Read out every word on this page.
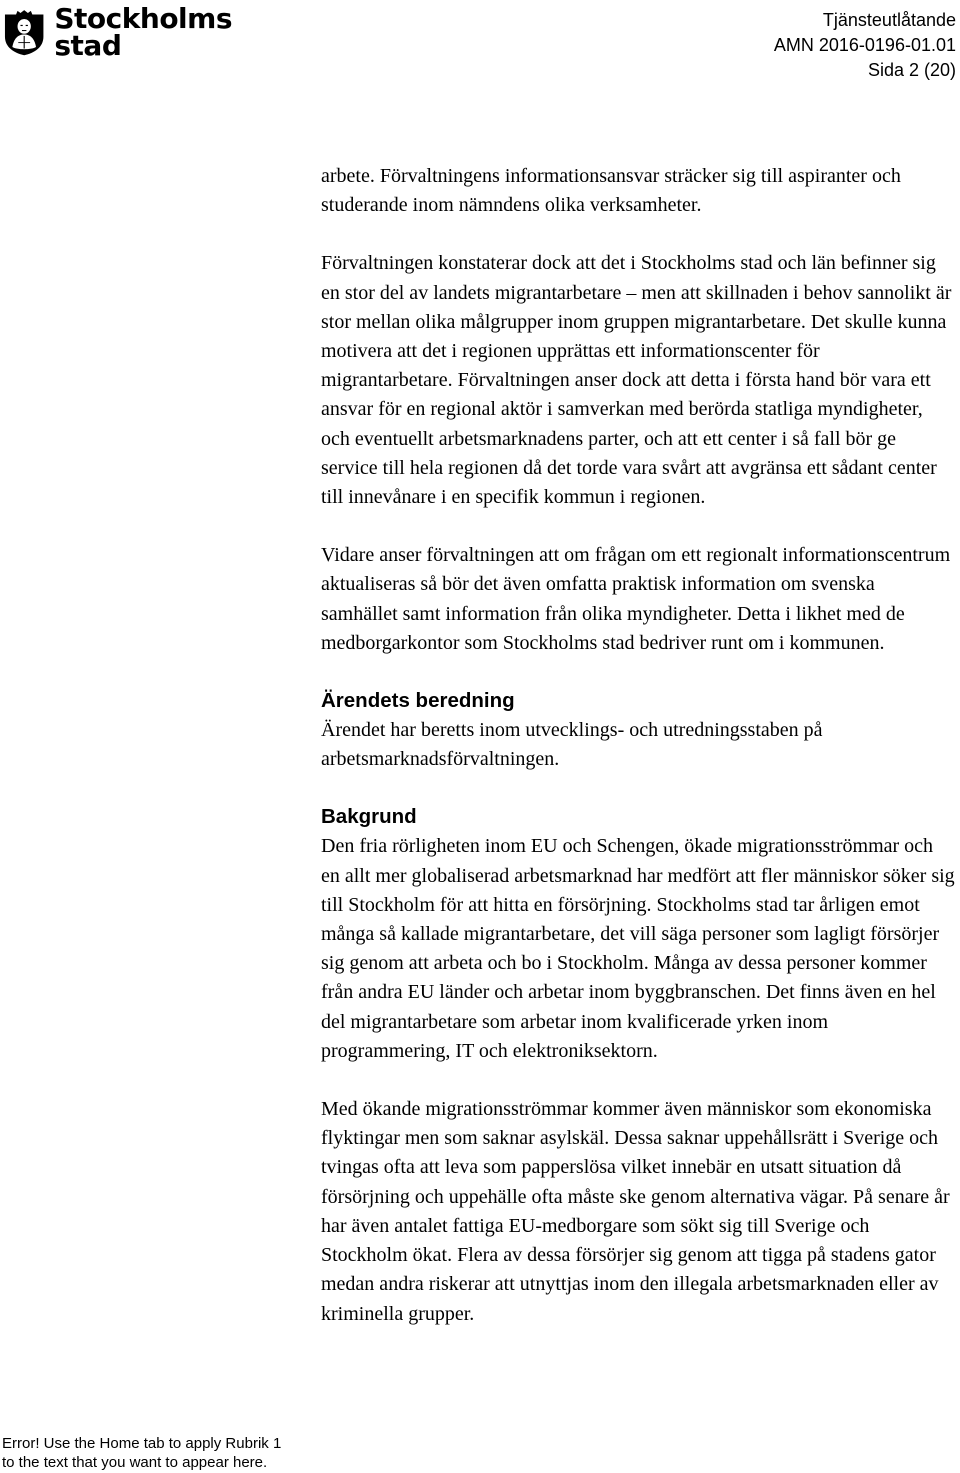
Stockholms
stad
Tjänsteutlåtande
AMN 2016-0196-01.01
Sida 2 (20)

arbete. Förvaltningens informationsansvar sträcker sig till aspiranter och studerande inom nämndens olika verksamheter.

Förvaltningen konstaterar dock att det i Stockholms stad och län befinner sig en stor del av landets migrantarbetare – men att skillnaden i behov sannolikt är stor mellan olika målgrupper inom gruppen migrantarbetare. Det skulle kunna motivera att det i regionen upprättas ett informationscenter för migrantarbetare. Förvaltningen anser dock att detta i första hand bör vara ett ansvar för en regional aktör i samverkan med berörda statliga myndigheter, och eventuellt arbetsmarknadens parter, och att ett center i så fall bör ge service till hela regionen då det torde vara svårt att avgränsa ett sådant center till innevånare i en specifik kommun i regionen.

Vidare anser förvaltningen att om frågan om ett regionalt informationscentrum aktualiseras så bör det även omfatta praktisk information om svenska samhället samt information från olika myndigheter. Detta i likhet med de medborgarkontor som Stockholms stad bedriver runt om i kommunen.

Ärendets beredning

Ärendet har beretts inom utvecklings- och utredningsstaben på arbetsmarknadsförvaltningen.

Bakgrund

Den fria rörligheten inom EU och Schengen, ökade migrationsströmmar och en allt mer globaliserad arbetsmarknad har medfört att fler människor söker sig till Stockholm för att hitta en försörjning. Stockholms stad tar årligen emot många så kallade migrantarbetare, det vill säga personer som lagligt försörjer sig genom att arbeta och bo i Stockholm. Många av dessa personer kommer från andra EU länder och arbetar inom byggbranschen. Det finns även en hel del migrantarbetare som arbetar inom kvalificerade yrken inom programmering, IT och elektroniksektorn.

Med ökande migrationsströmmar kommer även människor som ekonomiska flyktingar men som saknar asylskäl. Dessa saknar uppehållsrätt i Sverige och tvingas ofta att leva som papperslösa vilket innebär en utsatt situation då försörjning och uppehälle ofta måste ske genom alternativa vägar. På senare år har även antalet fattiga EU-medborgare som sökt sig till Sverige och Stockholm ökat. Flera av dessa försörjer sig genom att tigga på stadens gator medan andra riskerar att utnyttjas inom den illegala arbetsmarknaden eller av kriminella grupper.

Error! Use the Home tab to apply Rubrik 1
to the text that you want to appear here.
